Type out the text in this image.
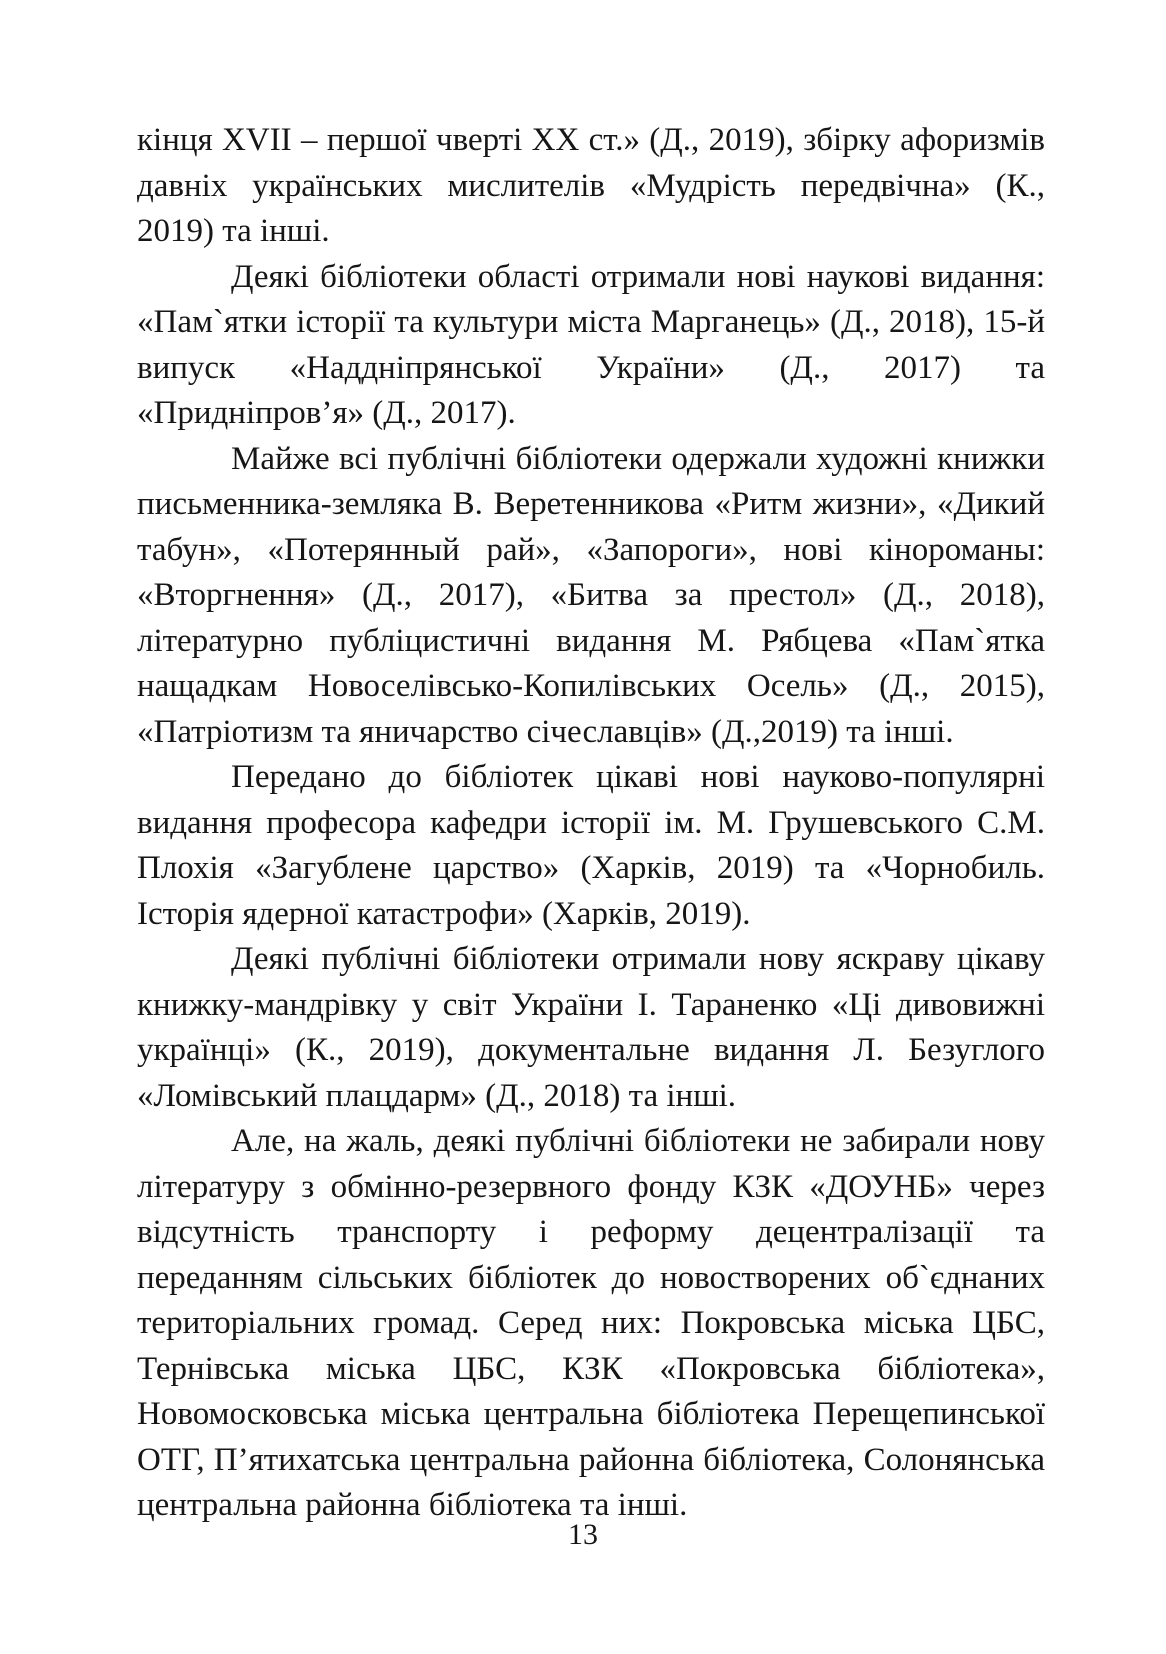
кінця XVII – першої чверті XX ст.» (Д., 2019), збірку афоризмів давніх українських мислителів «Мудрість передвічна» (К., 2019) та інші.

Деякі бібліотеки області отримали нові наукові видання: «Пам`ятки історії та культури міста Марганець» (Д., 2018), 15-й випуск «Наддніпрянської України» (Д., 2017) та «Придніпров’я» (Д., 2017).

Майже всі публічні бібліотеки одержали художні книжки письменника-земляка В. Веретенникова «Ритм жизни», «Дикий табун», «Потерянный рай», «Запороги», нові кінороманы: «Вторгнення» (Д., 2017), «Битва за престол» (Д., 2018), літературно публіцистичні видання М. Рябцева «Пам`ятка нащадкам Новоселівсько-Копилівських Осель» (Д., 2015), «Патріотизм та яничарство січеславців» (Д.,2019) та інші.

Передано до бібліотек цікаві нові науково-популярні видання професора кафедри історії ім. М. Грушевського С.М. Плохія «Загублене царство» (Харків, 2019) та «Чорнобиль. Історія ядерної катастрофи» (Харків, 2019).

Деякі публічні бібліотеки отримали нову яскраву цікаву книжку-мандрівку у світ України І. Тараненко «Ці дивовижні українці» (К., 2019), документальне видання Л. Безуглого «Ломівський плацдарм» (Д., 2018) та інші.

Але, на жаль, деякі публічні бібліотеки не забирали нову літературу з обмінно-резервного фонду КЗК «ДОУНБ» через відсутність транспорту і реформу децентралізації та переданням сільських бібліотек до новостворених об`єднаних територіальних громад. Серед них: Покровська міська ЦБС, Тернівська міська ЦБС, КЗК «Покровська бібліотека», Новомосковська міська центральна бібліотека Перещепинської ОТГ, П’ятихатська центральна районна бібліотека, Солонянська центральна районна бібліотека та інші.

13
